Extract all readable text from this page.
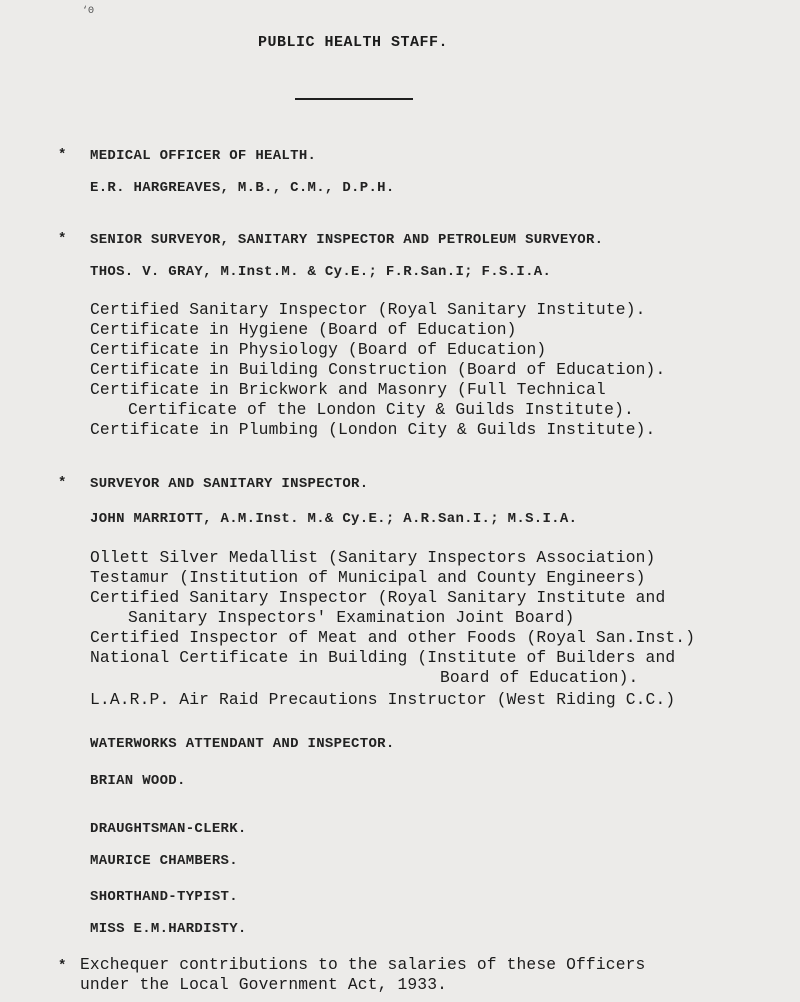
‘Θ
PUBLIC HEALTH STAFF.
* MEDICAL OFFICER OF HEALTH.
E.R. HARGREAVES, M.B., C.M., D.P.H.
* SENIOR SURVEYOR, SANITARY INSPECTOR AND PETROLEUM SURVEYOR.
THOS. V. GRAY, M.Inst.M. & Cy.E.; F.R.San.I; F.S.I.A.
Certified Sanitary Inspector (Royal Sanitary Institute).
Certificate in Hygiene (Board of Education)
Certificate in Physiology (Board of Education)
Certificate in Building Construction (Board of Education).
Certificate in Brickwork and Masonry (Full Technical
Certificate of the London City & Guilds Institute).
Certificate in Plumbing (London City & Guilds Institute).
* SURVEYOR AND SANITARY INSPECTOR.
JOHN MARRIOTT, A.M.Inst. M.& Cy.E.; A.R.San.I.; M.S.I.A.
Ollett Silver Medallist (Sanitary Inspectors Association)
Testamur (Institution of Municipal and County Engineers)
Certified Sanitary Inspector (Royal Sanitary Institute and
Sanitary Inspectors' Examination Joint Board)
Certified Inspector of Meat and other Foods (Royal San.Inst.)
National Certificate in Building (Institute of Builders and
Board of Education).
L.A.R.P. Air Raid Precautions Instructor (West Riding C.C.)
WATERWORKS ATTENDANT AND INSPECTOR.
BRIAN WOOD.
DRAUGHTSMAN-CLERK.
MAURICE CHAMBERS.
SHORTHAND-TYPIST.
MISS E.M.HARDISTY.
* Exchequer contributions to the salaries of these Officers
under the Local Government Act, 1933.
